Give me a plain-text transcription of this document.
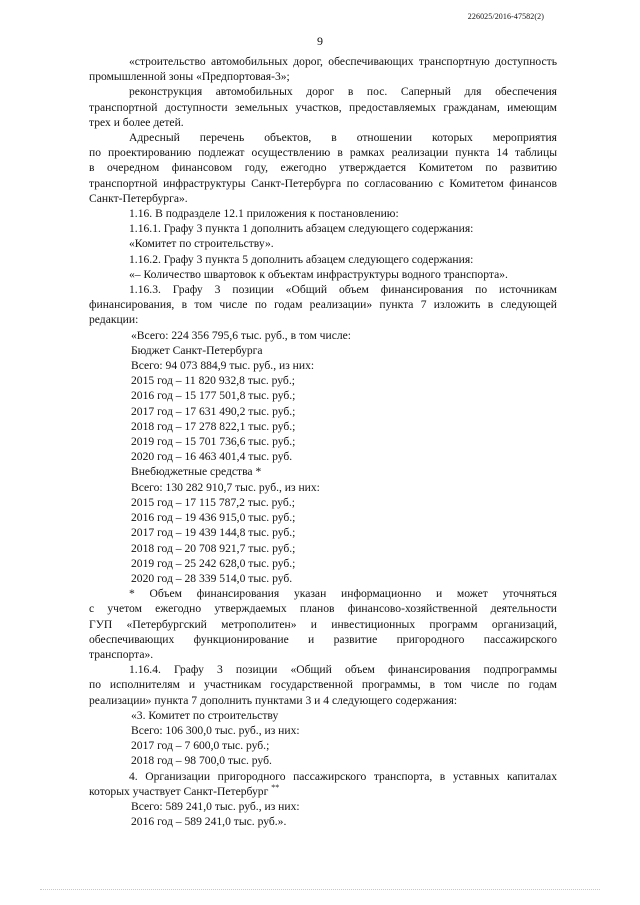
226025/2016-47582(2)
9
«строительство автомобильных дорог, обеспечивающих транспортную доступность
промышленной зоны «Предпортовая-3»;
реконструкция автомобильных дорог в пос. Саперный для обеспечения
транспортной доступности земельных участков, предоставляемых гражданам, имеющим
трех и более детей.
Адресный перечень объектов, в отношении которых мероприятия
по проектированию подлежат осуществлению в рамках реализации пункта 14 таблицы
в очередном финансовом году, ежегодно утверждается Комитетом по развитию
транспортной инфраструктуры Санкт-Петербурга по согласованию с Комитетом финансов
Санкт-Петербурга».
1.16. В подразделе 12.1 приложения к постановлению:
1.16.1. Графу 3 пункта 1 дополнить абзацем следующего содержания:
«Комитет по строительству».
1.16.2. Графу 3 пункта 5 дополнить абзацем следующего содержания:
«– Количество швартовок к объектам инфраструктуры водного транспорта».
1.16.3. Графу 3 позиции «Общий объем финансирования по источникам
финансирования, в том числе по годам реализации» пункта 7 изложить в следующей
редакции:
«Всего: 224 356 795,6 тыс. руб., в том числе:
Бюджет Санкт-Петербурга
Всего: 94 073 884,9 тыс. руб., из них:
2015 год – 11 820 932,8 тыс. руб.;
2016 год – 15 177 501,8 тыс. руб.;
2017 год – 17 631 490,2 тыс. руб.;
2018 год – 17 278 822,1 тыс. руб.;
2019 год – 15 701 736,6 тыс. руб.;
2020 год – 16 463 401,4 тыс. руб.
Внебюджетные средства *
Всего: 130 282 910,7 тыс. руб., из них:
2015 год – 17 115 787,2 тыс. руб.;
2016 год – 19 436 915,0 тыс. руб.;
2017 год – 19 439 144,8 тыс. руб.;
2018 год – 20 708 921,7 тыс. руб.;
2019 год – 25 242 628,0 тыс. руб.;
2020 год – 28 339 514,0 тыс. руб.
* Объем финансирования указан информационно и может уточняться
с учетом ежегодно утверждаемых планов финансово-хозяйственной деятельности
ГУП «Петербургский метрополитен» и инвестиционных программ организаций,
обеспечивающих функционирование и развитие пригородного пассажирского
транспорта».
1.16.4. Графу 3 позиции «Общий объем финансирования подпрограммы
по исполнителям и участникам государственной программы, в том числе по годам
реализации» пункта 7 дополнить пунктами 3 и 4 следующего содержания:
«3. Комитет по строительству
Всего: 106 300,0 тыс. руб., из них:
2017 год – 7 600,0 тыс. руб.;
2018 год – 98 700,0 тыс. руб.
4. Организации пригородного пассажирского транспорта, в уставных капиталах
которых участвует Санкт-Петербург **
Всего: 589 241,0 тыс. руб., из них:
2016 год – 589 241,0 тыс. руб.».
